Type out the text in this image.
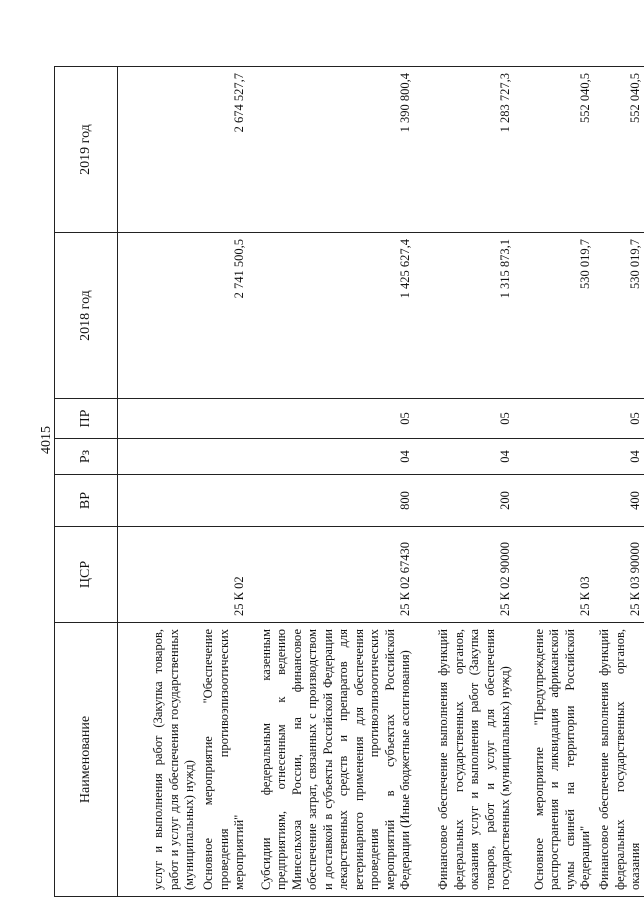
4015
Наименование	ЦСР	ВР	Рз	ПР	2018 год	2019 год
услуг и выполнения работ (Закупка товаров, работ и услуг для обеспечения государственных (муниципальных) нужд)						
Основное мероприятие "Обеспечение проведения противоэпизоотических мероприятий"	25 К 02				2 741 500,5	2 674 527,7
Субсидии федеральным казенным предприятиям, отнесенным к ведению Минсельхоза России, на финансовое обеспечение затрат, связанных с производством и доставкой в субъекты Российской Федерации лекарственных средств и препаратов для ветеринарного применения для обеспечения проведения противоэпизоотических мероприятий в субъектах Российской Федерации (Иные бюджетные ассигнования)	25 К 02 67430	800	04	05	1 425 627,4	1 390 800,4
Финансовое обеспечение выполнения функций федеральных государственных органов, оказания услуг и выполнения работ (Закупка товаров, работ и услуг для обеспечения государственных (муниципальных) нужд)	25 К 02 90000	200	04	05	1 315 873,1	1 283 727,3
Основное мероприятие "Предупреждение распространения и ликвидация африканской чумы свиней на территории Российской Федерации"	25 К 03				530 019,7	552 040,5
Финансовое обеспечение выполнения функций федеральных государственных органов, оказания	25 К 03 90000	400	04	05	530 019,7	552 040,5
